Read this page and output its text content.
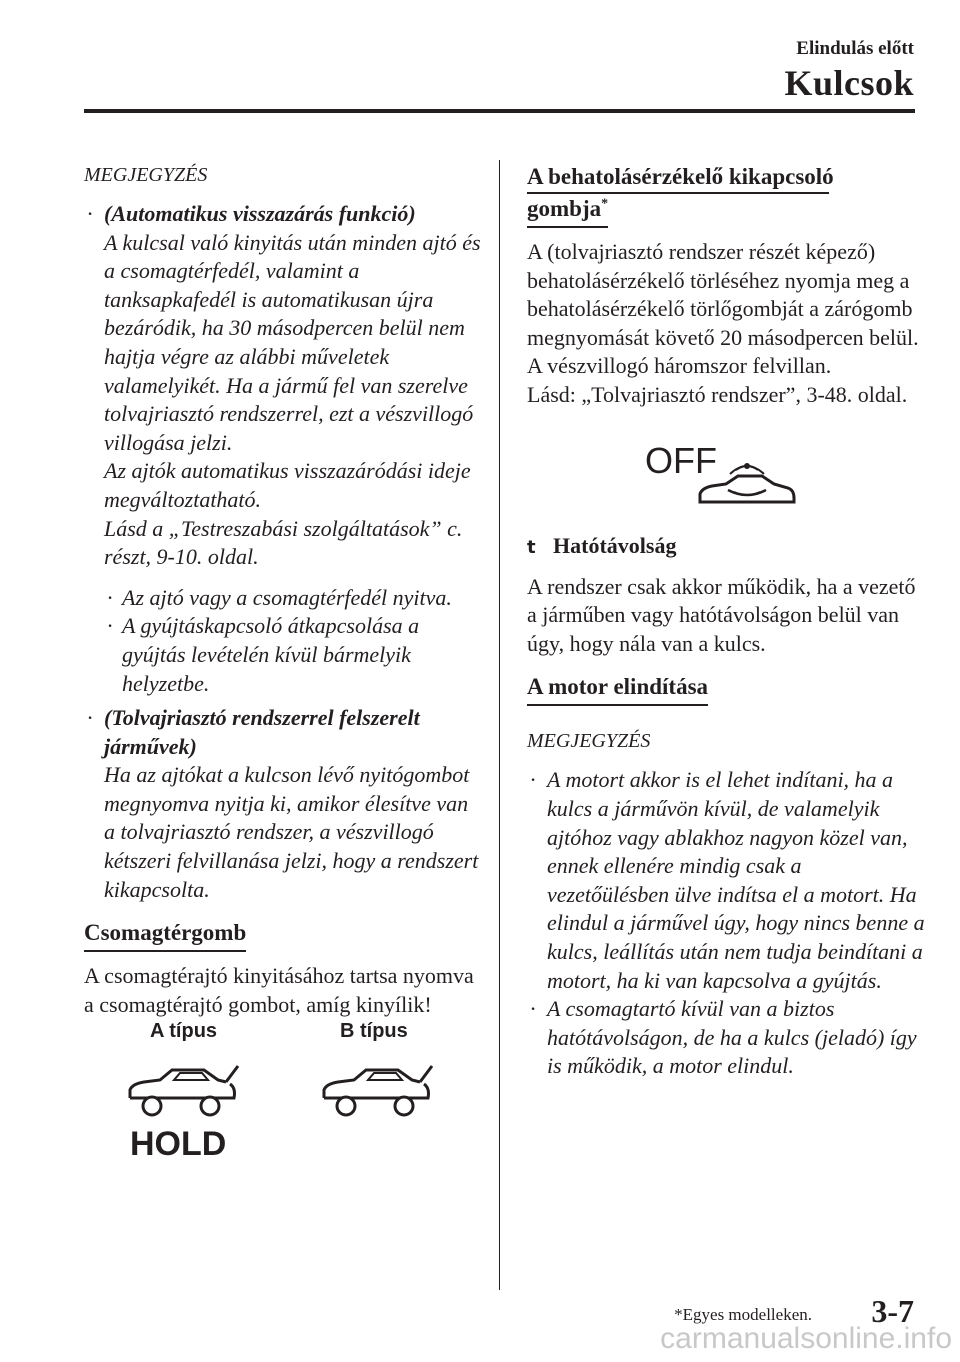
Elindulás előtt
Kulcsok
MEGJEGYZÉS
· (Automatikus visszazárás funkció)

A kulcsal való kinyitás után minden ajtó és a csomagtérfedél, valamint a tanksapkafedél is automatikusan újra bezáródik, ha 30 másodpercen belül nem hajtja végre az alábbi műveletek valamelyikét. Ha a jármű fel van szerelve tolvajriasztó rendszerrel, ezt a vészvillogó villogása jelzi.

Az ajtók automatikus visszazáródási ideje megváltoztatható.

Lásd a „Testreszabási szolgáltatások” c. részt, 9-10. oldal.

· Az ajtó vagy a csomagtérfedél nyitva.
· A gyújtáskapcsoló átkapcsolása a gyújtás levételén kívül bármelyik helyzetbe.
· (Tolvajriasztó rendszerrel felszerelt járművek)

Ha az ajtókat a kulcson lévő nyitógombot megnyomva nyitja ki, amikor élesítve van a tolvajriasztó rendszer, a vészvillogó kétszeri felvillanása jelzi, hogy a rendszert kikapcsolta.

Csomagtérgomb

A csomagtérajtó kinyitásához tartsa nyomva a csomagtérajtó gombot, amíg kinyílik!

A típus	B típus
HOLD
A behatolásérzékelő kikapcsoló
gombja*

A (tolvajriasztó rendszer részét képező) behatolásérzékelő törléséhez nyomja meg a behatolásérzékelő törlőgombját a zárógomb megnyomását követő 20 másodpercen belül. A vészvillogó háromszor felvillan.

Lásd: „Tolvajriasztó rendszer”, 3-48. oldal.

OFF
t Hatótávolság

A rendszer csak akkor működik, ha a vezető a járműben vagy hatótávolságon belül van úgy, hogy nála van a kulcs.

A motor elindítása
MEGJEGYZÉS
· A motort akkor is el lehet indítani, ha a kulcs a járművön kívül, de valamelyik ajtóhoz vagy ablakhoz nagyon közel van, ennek ellenére mindig csak a vezetőülésben ülve indítsa el a motort. Ha elindul a járművel úgy, hogy nincs benne a kulcs, leállítás után nem tudja beindítani a motort, ha ki van kapcsolva a gyújtás.
· A csomagtartó kívül van a biztos hatótávolságon, de ha a kulcs (jeladó) így is működik, a motor elindul.
*Egyes modelleken. 3-7
carmanualsonline.info
